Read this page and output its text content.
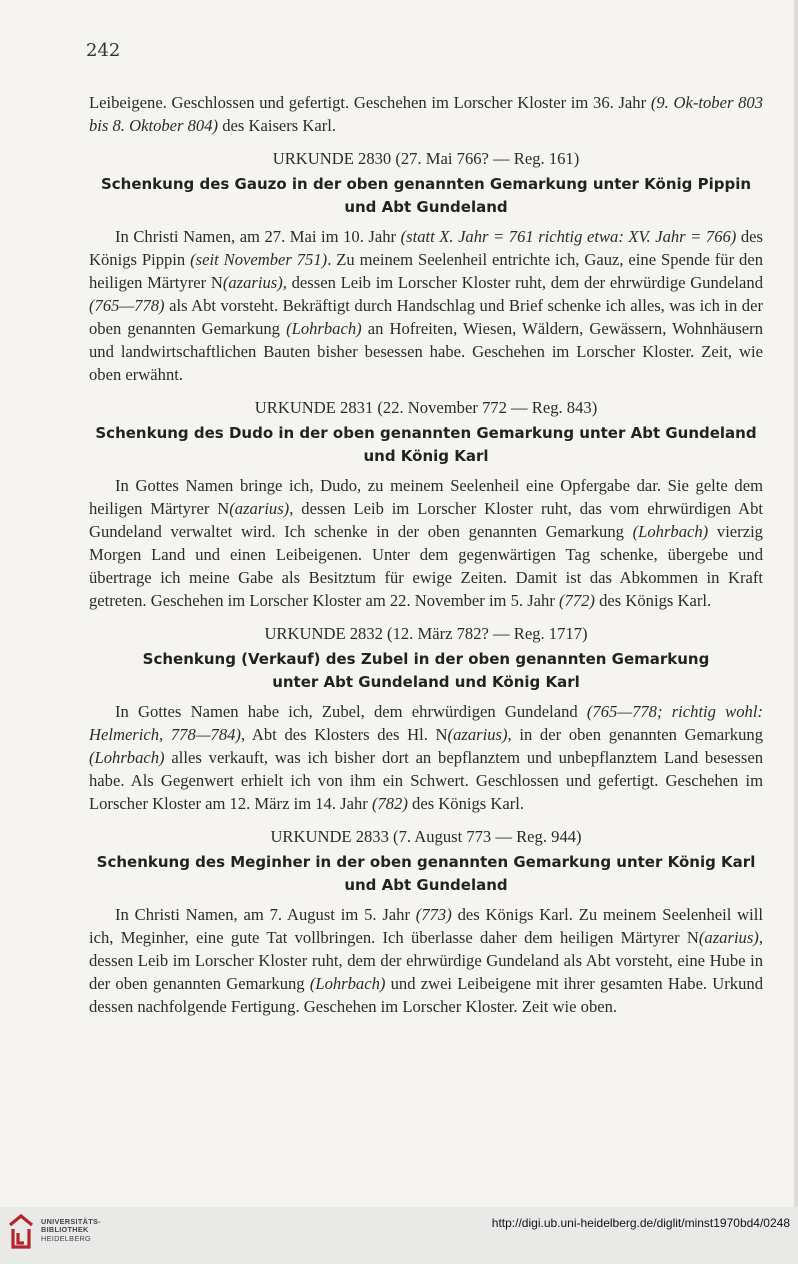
242

Leibeigene. Geschlossen und gefertigt. Geschehen im Lorscher Kloster im 36. Jahr (9. Ok-tober 803 bis 8. Oktober 804) des Kaisers Karl.

URKUNDE 2830 (27. Mai 766? — Reg. 161)
Schenkung des Gauzo in der oben genannten Gemarkung unter König Pippin
und Abt Gundeland

In Christi Namen, am 27. Mai im 10. Jahr (statt X. Jahr = 761 richtig etwa: XV. Jahr = 766) des Königs Pippin (seit November 751). Zu meinem Seelenheil entrichte ich, Gauz, eine Spende für den heiligen Märtyrer N(azarius), dessen Leib im Lorscher Kloster ruht, dem der ehrwürdige Gundeland (765—778) als Abt vorsteht. Bekräftigt durch Handschlag und Brief schenke ich alles, was ich in der oben genannten Gemarkung (Lohrbach) an Hofreiten, Wiesen, Wäldern, Gewässern, Wohnhäusern und landwirtschaftlichen Bauten bisher besessen habe. Geschehen im Lorscher Kloster. Zeit, wie oben erwähnt.

URKUNDE 2831 (22. November 772 — Reg. 843)
Schenkung des Dudo in der oben genannten Gemarkung unter Abt Gundeland
und König Karl

In Gottes Namen bringe ich, Dudo, zu meinem Seelenheil eine Opfergabe dar. Sie gelte dem heiligen Märtyrer N(azarius), dessen Leib im Lorscher Kloster ruht, das vom ehrwürdigen Abt Gundeland verwaltet wird. Ich schenke in der oben genannten Gemarkung (Lohrbach) vierzig Morgen Land und einen Leibeigenen. Unter dem gegenwärtigen Tag schenke, übergebe und übertrage ich meine Gabe als Besitztum für ewige Zeiten. Damit ist das Abkommen in Kraft getreten. Geschehen im Lorscher Kloster am 22. November im 5. Jahr (772) des Königs Karl.

URKUNDE 2832 (12. März 782? — Reg. 1717)
Schenkung (Verkauf) des Zubel in der oben genannten Gemarkung
unter Abt Gundeland und König Karl

In Gottes Namen habe ich, Zubel, dem ehrwürdigen Gundeland (765—778; richtig wohl: Helmerich, 778—784), Abt des Klosters des Hl. N(azarius), in der oben genannten Gemarkung (Lohrbach) alles verkauft, was ich bisher dort an bepflanztem und unbepflanztem Land besessen habe. Als Gegenwert erhielt ich von ihm ein Schwert. Geschlossen und gefertigt. Geschehen im Lorscher Kloster am 12. März im 14. Jahr (782) des Königs Karl.

URKUNDE 2833 (7. August 773 — Reg. 944)
Schenkung des Meginher in der oben genannten Gemarkung unter König Karl
und Abt Gundeland

In Christi Namen, am 7. August im 5. Jahr (773) des Königs Karl. Zu meinem Seelenheil will ich, Meginher, eine gute Tat vollbringen. Ich überlasse daher dem heiligen Märtyrer N(azarius), dessen Leib im Lorscher Kloster ruht, dem der ehrwürdige Gundeland als Abt vorsteht, eine Hube in der oben genannten Gemarkung (Lohrbach) und zwei Leibeigene mit ihrer gesamten Habe. Urkund dessen nachfolgende Fertigung. Geschehen im Lorscher Kloster. Zeit wie oben.

UNIVERSITÄTS-
BIBLIOTHEK
HEIDELBERG
http://digi.ub.uni-heidelberg.de/diglit/minst1970bd4/0248
